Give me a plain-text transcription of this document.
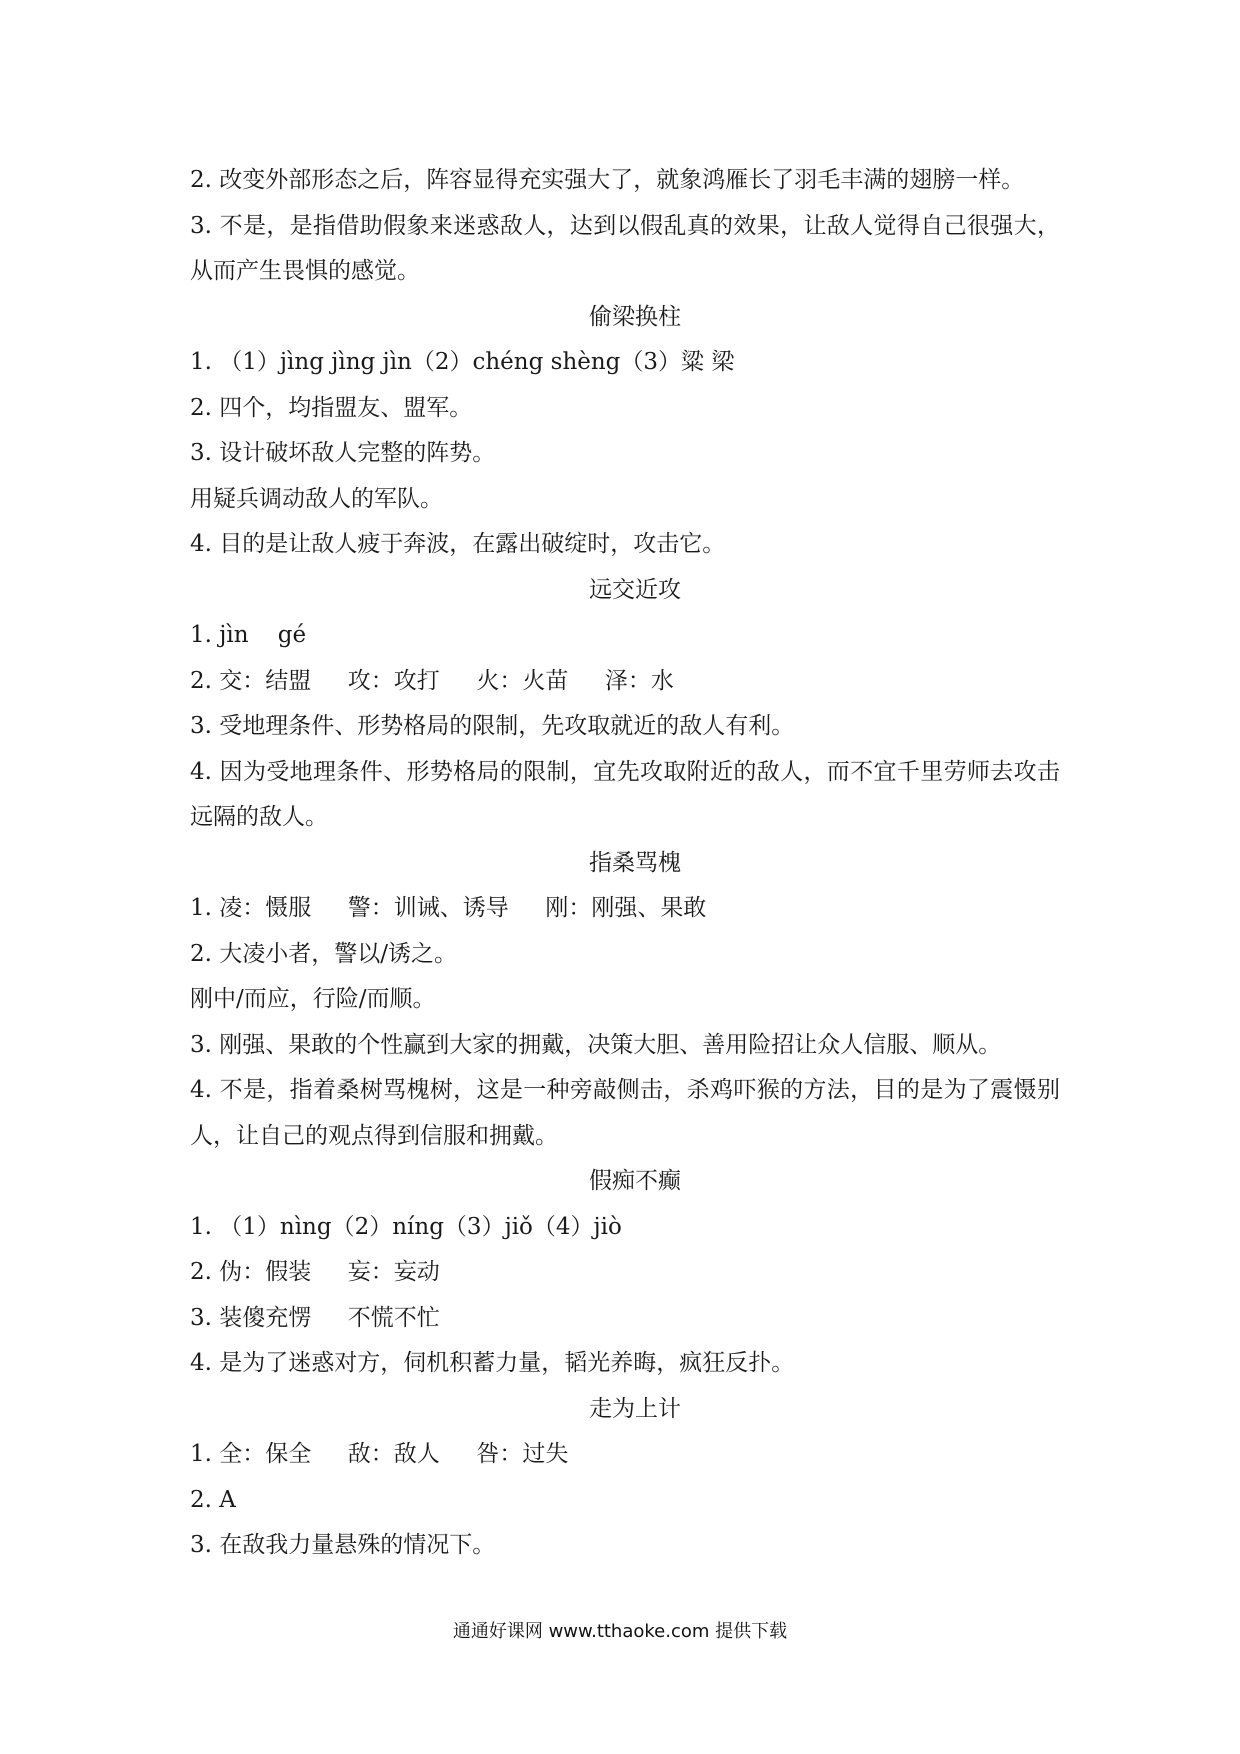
2. 改变外部形态之后，阵容显得充实强大了，就象鸿雁长了羽毛丰满的翅膀一样。

3. 不是，是指借助假象来迷惑敌人，达到以假乱真的效果，让敌人觉得自己很强大，从而产生畏惧的感觉。

偷梁换柱

1. （1）jìng jìng jìn（2）chéng shèng（3）粱 梁

2. 四个，均指盟友、盟军。

3. 设计破坏敌人完整的阵势。

用疑兵调动敌人的军队。

4. 目的是让敌人疲于奔波，在露出破绽时，攻击它。

远交近攻

1. jìn    gé

2. 交：结盟     攻：攻打     火：火苗     泽：水

3. 受地理条件、形势格局的限制，先攻取就近的敌人有利。

4. 因为受地理条件、形势格局的限制，宜先攻取附近的敌人，而不宜千里劳师去攻击远隔的敌人。

指桑骂槐

1. 凌：慑服     警：训诫、诱导     刚：刚强、果敢

2. 大凌小者，警以/诱之。

刚中/而应，行险/而顺。

3. 刚强、果敢的个性赢到大家的拥戴，决策大胆、善用险招让众人信服、顺从。

4. 不是，指着桑树骂槐树，这是一种旁敲侧击，杀鸡吓猴的方法，目的是为了震慑别人，让自己的观点得到信服和拥戴。

假痴不癫

1. （1）nìng（2）níng（3）jiǒ（4）jiò

2. 伪：假装     妄：妄动

3. 装傻充愣     不慌不忙

4. 是为了迷惑对方，伺机积蓄力量，韬光养晦，疯狂反扑。

走为上计

1. 全：保全     敌：敌人     咎：过失

2. A

3. 在敌我力量悬殊的情况下。

通通好课网 www.tthaoke.com 提供下载
